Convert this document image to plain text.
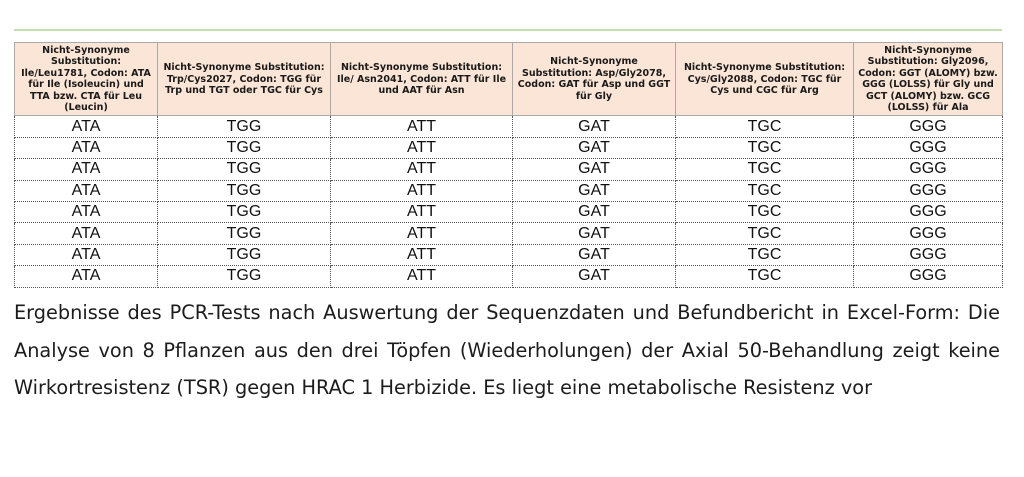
Nicht-Synonyme Substitution: Ile/Leu1781, Codon: ATA für Ile (Isoleucin) und TTA bzw. CTA für Leu (Leucin)	Nicht-Synonyme Substitution: Trp/Cys2027, Codon: TGG für Trp und TGT oder TGC für Cys	Nicht-Synonyme Substitution: Ile/ Asn2041, Codon: ATT für Ile und AAT für Asn	Nicht-Synonyme Substitution: Asp/Gly2078, Codon: GAT für Asp und GGT für Gly	Nicht-Synonyme Substitution: Cys/Gly2088, Codon: TGC für Cys und CGC für Arg	Nicht-Synonyme Substitution: Gly2096, Codon: GGT (ALOMY) bzw. GGG (LOLSS) für Gly und GCT (ALOMY) bzw. GCG (LOLSS) für Ala
ATA	TGG	ATT	GAT	TGC	GGG
ATA	TGG	ATT	GAT	TGC	GGG
ATA	TGG	ATT	GAT	TGC	GGG
ATA	TGG	ATT	GAT	TGC	GGG
ATA	TGG	ATT	GAT	TGC	GGG
ATA	TGG	ATT	GAT	TGC	GGG
ATA	TGG	ATT	GAT	TGC	GGG
ATA	TGG	ATT	GAT	TGC	GGG

Ergebnisse des PCR-Tests nach Auswertung der Sequenzdaten und Befundbericht in Excel-Form: Die Analyse von 8 Pflanzen aus den drei Töpfen (Wiederholungen) der Axial 50-Behandlung zeigt keine Wirkortresistenz (TSR) gegen HRAC 1 Herbizide. Es liegt eine metabolische Resistenz vor
